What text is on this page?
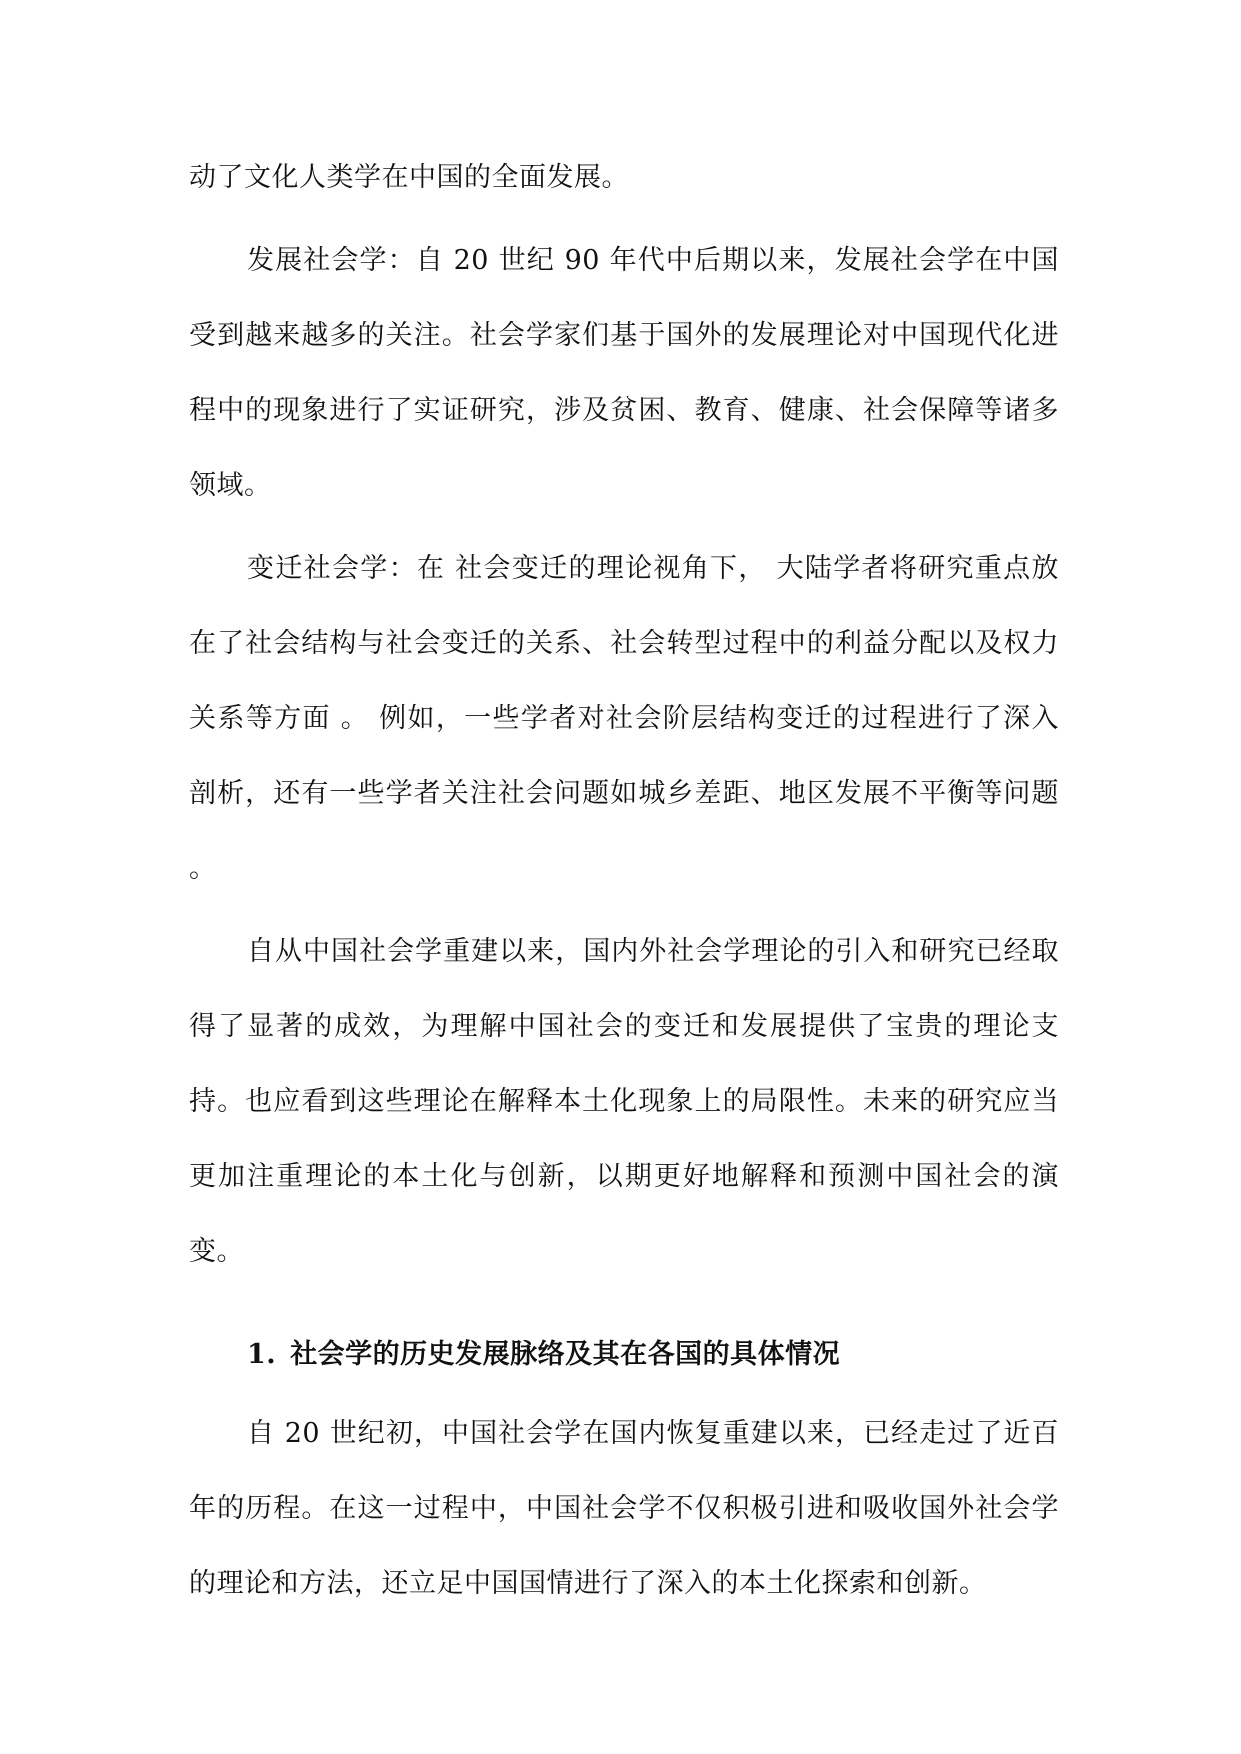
动了文化人类学在中国的全面发展。

发展社会学：自 20 世纪 90 年代中后期以来，发展社会学在中国受到越来越多的关注。社会学家们基于国外的发展理论对中国现代化进程中的现象进行了实证研究，涉及贫困、教育、健康、社会保障等诸多领域。

变迁社会学：在 社会变迁的理论视角下， 大陆学者将研究重点放在了社会结构与社会变迁的关系、社会转型过程中的利益分配以及权力关系等方面 。 例如，一些学者对社会阶层结构变迁的过程进行了深入剖析，还有一些学者关注社会问题如城乡差距、地区发展不平衡等问题 。

自从中国社会学重建以来，国内外社会学理论的引入和研究已经取得了显著的成效，为理解中国社会的变迁和发展提供了宝贵的理论支持。也应看到这些理论在解释本土化现象上的局限性。未来的研究应当更加注重理论的本土化与创新，以期更好地解释和预测中国社会的演变。

1. 社会学的历史发展脉络及其在各国的具体情况

自 20 世纪初，中国社会学在国内恢复重建以来，已经走过了近百年的历程。在这一过程中，中国社会学不仅积极引进和吸收国外社会学的理论和方法，还立足中国国情进行了深入的本土化探索和创新。
